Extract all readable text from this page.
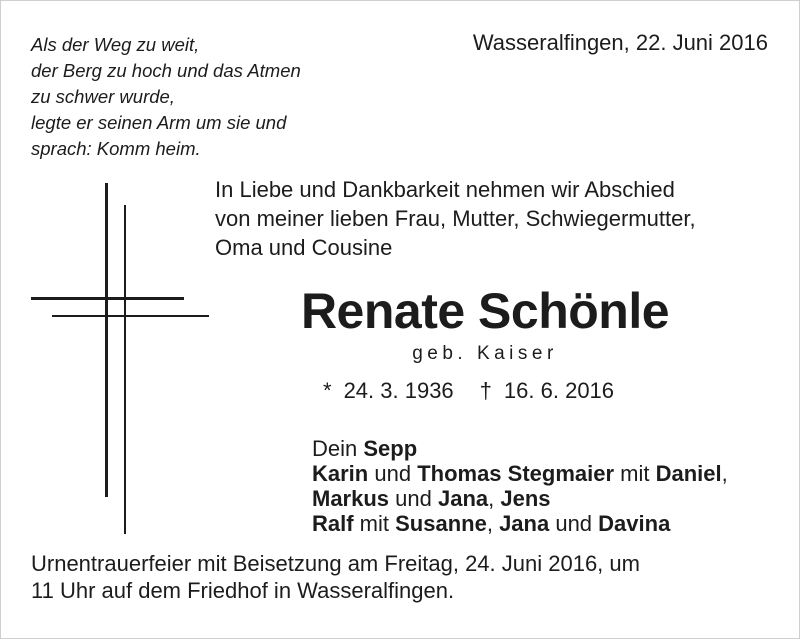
Als der Weg zu weit,
der Berg zu hoch und das Atmen
zu schwer wurde,
legte er seinen Arm um sie und
sprach: Komm heim.
Wasseralfingen, 22. Juni 2016
In Liebe und Dankbarkeit nehmen wir Abschied
von meiner lieben Frau, Mutter, Schwiegermutter,
Oma und Cousine
Renate Schönle
geb. Kaiser
* 24. 3. 1936 † 16. 6. 2016
Dein Sepp
Karin und Thomas Stegmaier mit Daniel,
Markus und Jana, Jens
Ralf mit Susanne, Jana und Davina
Urnentrauerfeier mit Beisetzung am Freitag, 24. Juni 2016, um
11 Uhr auf dem Friedhof in Wasseralfingen.
